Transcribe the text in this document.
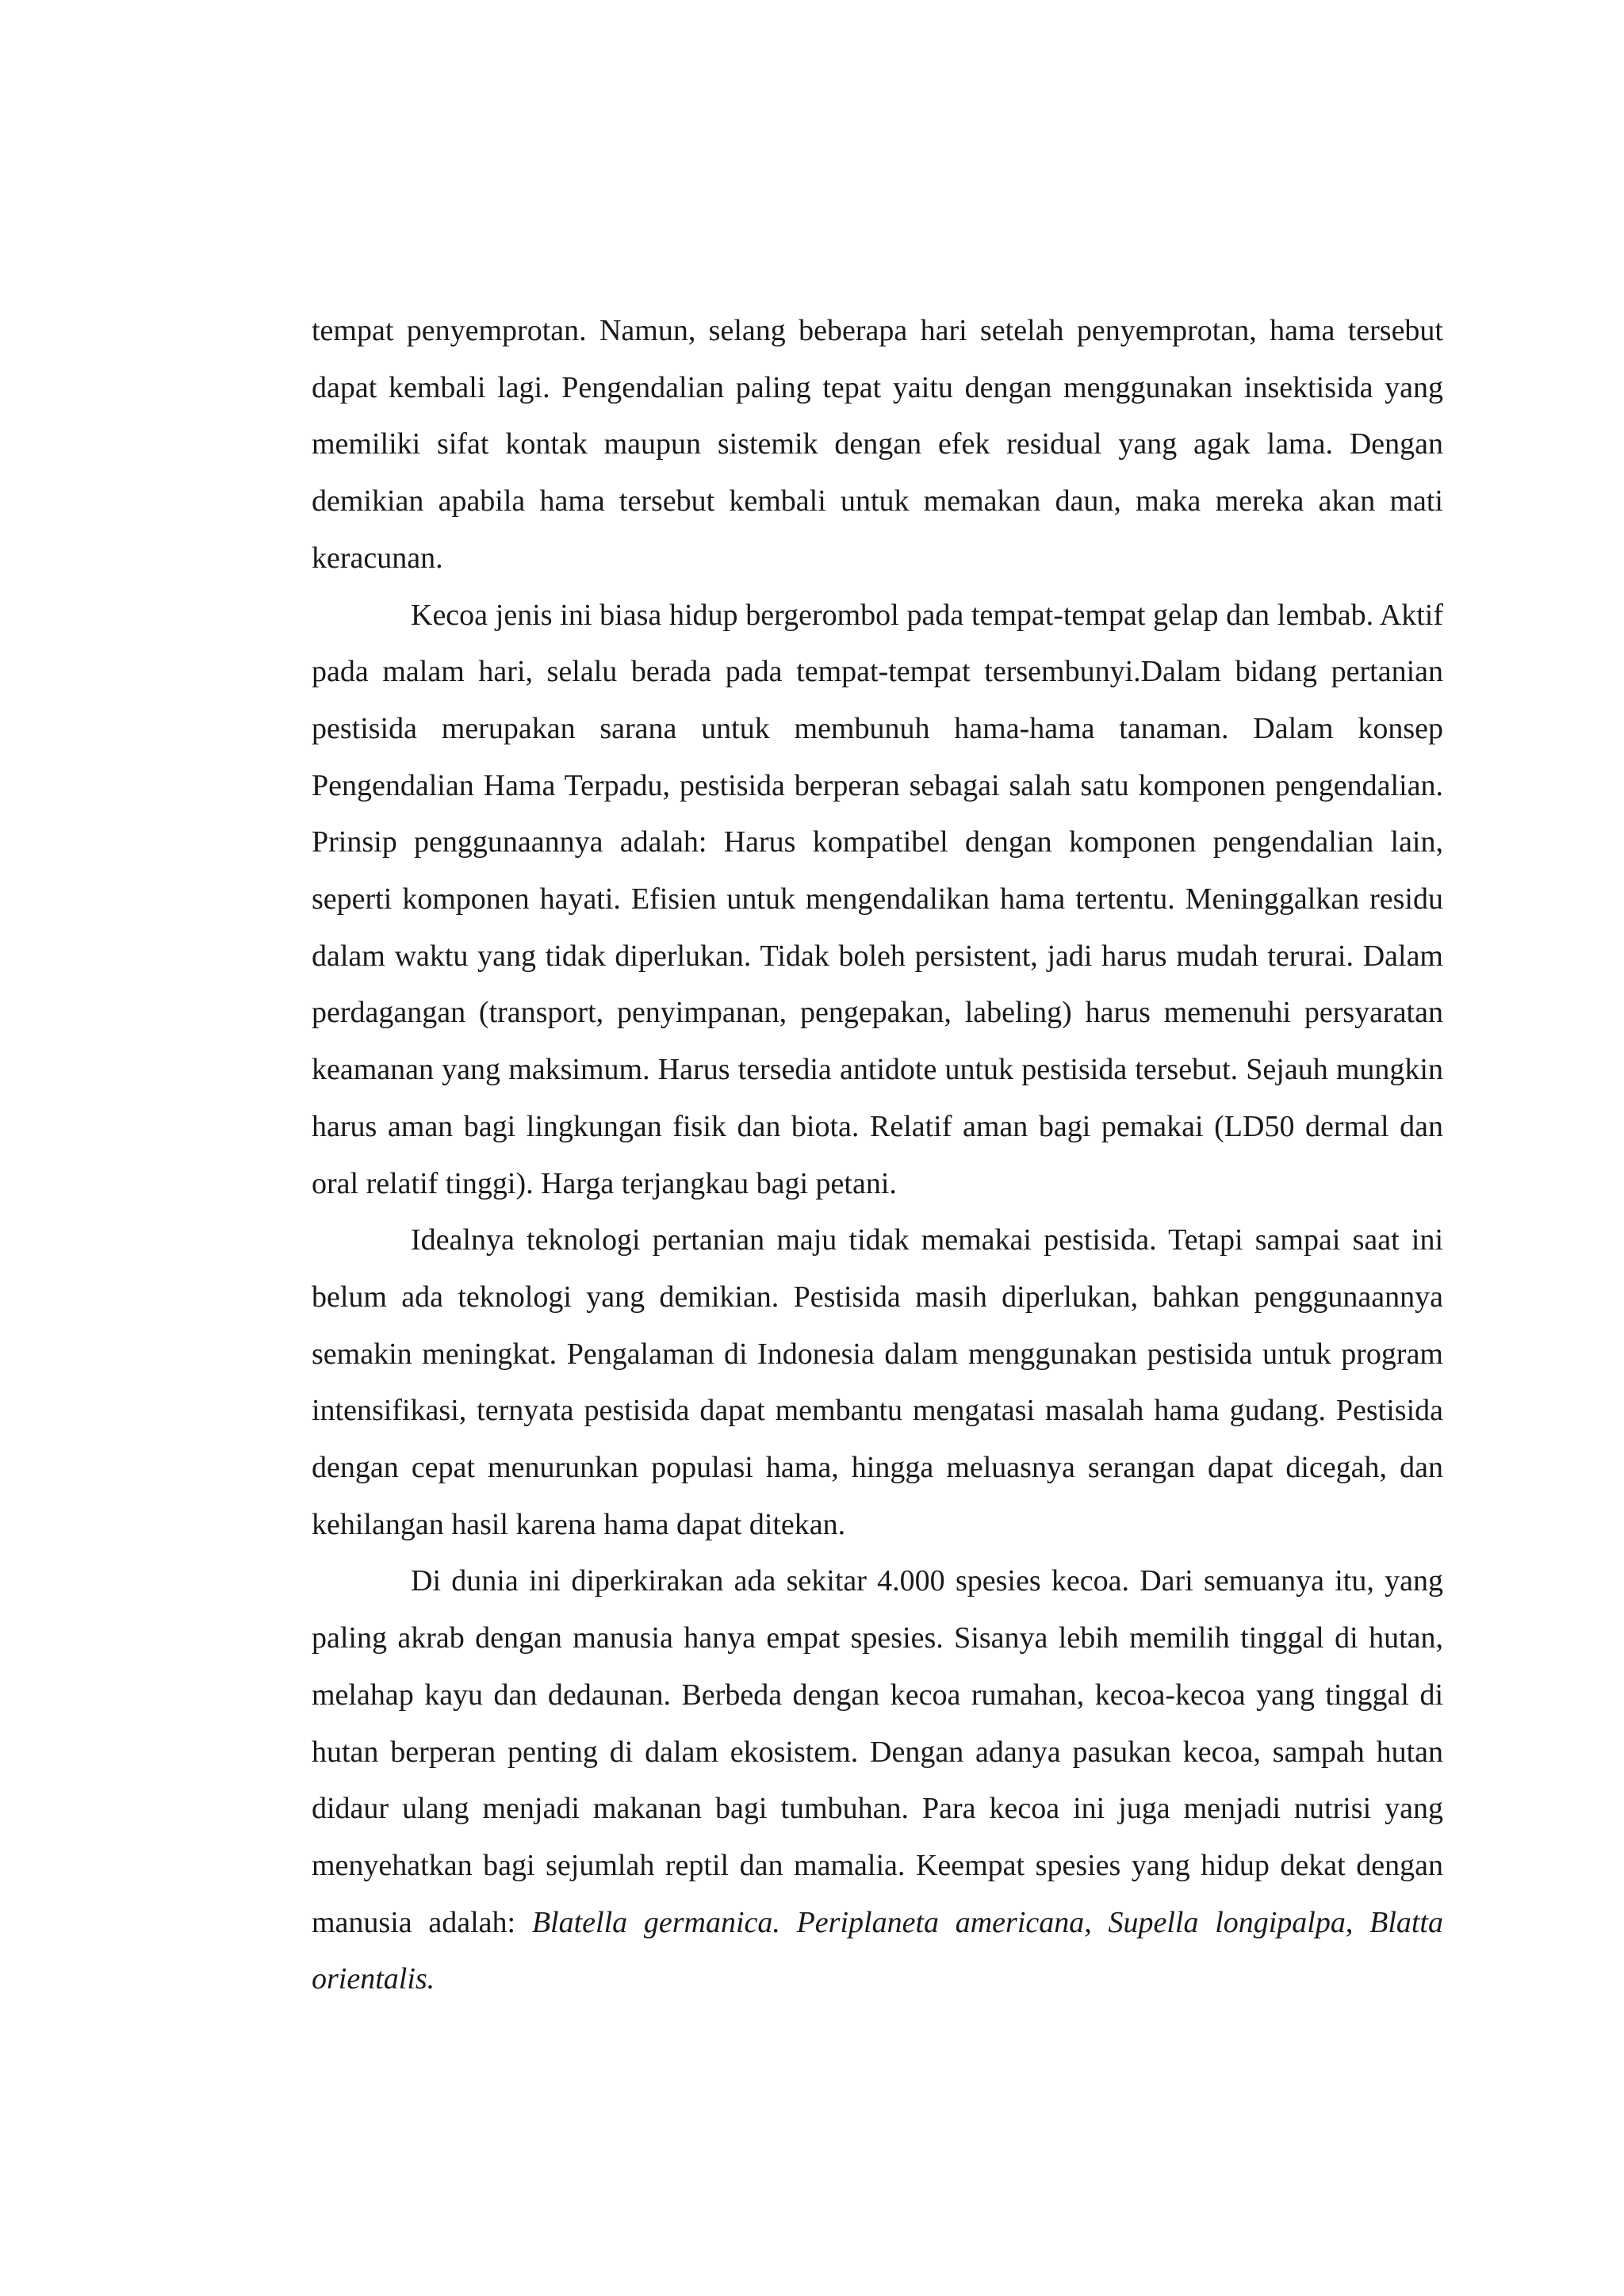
tempat penyemprotan. Namun, selang beberapa hari setelah penyemprotan, hama tersebut dapat kembali lagi. Pengendalian paling tepat yaitu dengan menggunakan insektisida yang memiliki sifat kontak maupun sistemik dengan efek residual yang agak lama. Dengan demikian apabila hama tersebut kembali untuk memakan daun, maka mereka akan mati keracunan.

Kecoa jenis ini biasa hidup bergerombol pada tempat-tempat gelap dan lembab. Aktif pada malam hari, selalu berada pada tempat-tempat tersembunyi.Dalam bidang pertanian pestisida merupakan sarana untuk membunuh hama-hama tanaman. Dalam konsep Pengendalian Hama Terpadu, pestisida berperan sebagai salah satu komponen pengendalian. Prinsip penggunaannya adalah: Harus kompatibel dengan komponen pengendalian lain, seperti komponen hayati. Efisien untuk mengendalikan hama tertentu. Meninggalkan residu dalam waktu yang tidak diperlukan. Tidak boleh persistent, jadi harus mudah terurai. Dalam perdagangan (transport, penyimpanan, pengepakan, labeling) harus memenuhi persyaratan keamanan yang maksimum. Harus tersedia antidote untuk pestisida tersebut. Sejauh mungkin harus aman bagi lingkungan fisik dan biota. Relatif aman bagi pemakai (LD50 dermal dan oral relatif tinggi). Harga terjangkau bagi petani.

Idealnya teknologi pertanian maju tidak memakai pestisida. Tetapi sampai saat ini belum ada teknologi yang demikian. Pestisida masih diperlukan, bahkan penggunaannya semakin meningkat. Pengalaman di Indonesia dalam menggunakan pestisida untuk program intensifikasi, ternyata pestisida dapat membantu mengatasi masalah hama gudang. Pestisida dengan cepat menurunkan populasi hama, hingga meluasnya serangan dapat dicegah, dan kehilangan hasil karena hama dapat ditekan.

Di dunia ini diperkirakan ada sekitar 4.000 spesies kecoa. Dari semuanya itu, yang paling akrab dengan manusia hanya empat spesies. Sisanya lebih memilih tinggal di hutan, melahap kayu dan dedaunan. Berbeda dengan kecoa rumahan, kecoa-kecoa yang tinggal di hutan berperan penting di dalam ekosistem. Dengan adanya pasukan kecoa, sampah hutan didaur ulang menjadi makanan bagi tumbuhan. Para kecoa ini juga menjadi nutrisi yang menyehatkan bagi sejumlah reptil dan mamalia. Keempat spesies yang hidup dekat dengan manusia adalah: Blatella germanica. Periplaneta americana, Supella longipalpa, Blatta orientalis.
